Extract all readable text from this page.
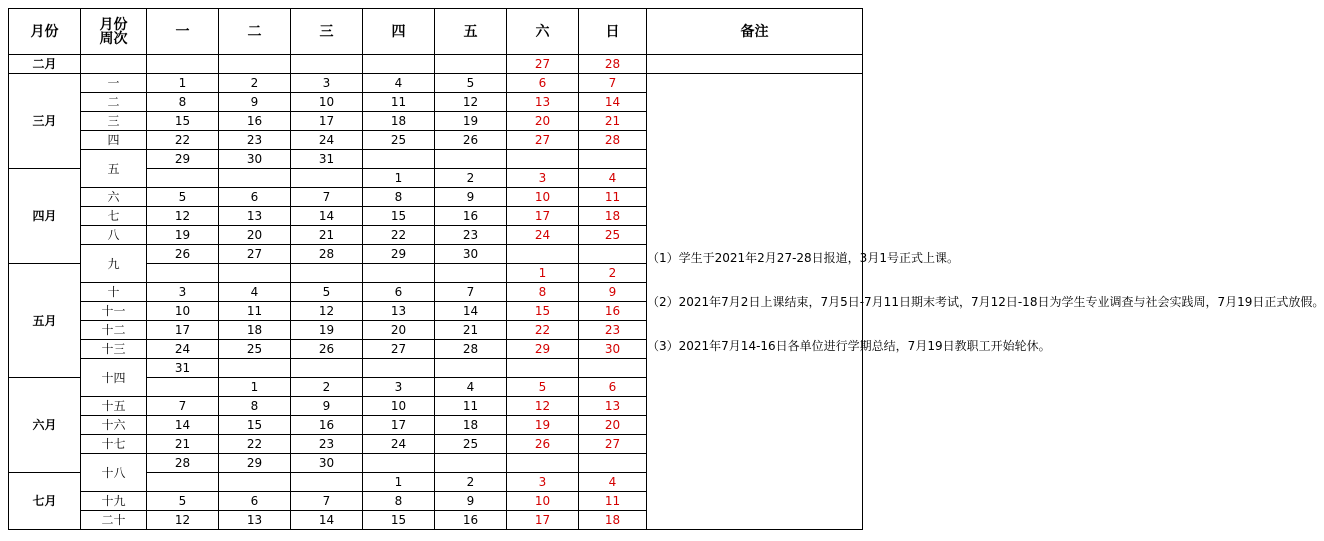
月份	月份
周次	一	二	三	四	五	六	日	备注
二月							27	28	
三月	一	1	2	3	4	5	6	7	（1）学生于2021年2月27-28日报道，3月1号正式上课。
（2）2021年7月2日上课结束，7月5日-7月11日期末考试，7月12日-18日为学生专业调查与社会实践周，7月19日正式放假。
（3）2021年7月14-16日各单位进行学期总结，7月19日教职工开始轮休。

	二	8	9	10	11	12	13	14	
	三	15	16	17	18	19	20	21	
	四	22	23	24	25	26	27	28	
	五	29	30	31					
四月					1	2	3	4	
	六	5	6	7	8	9	10	11	
	七	12	13	14	15	16	17	18	
	八	19	20	21	22	23	24	25	
	九	26	27	28	29	30			
五月							1	2	
	十	3	4	5	6	7	8	9	
	十一	10	11	12	13	14	15	16	
	十二	17	18	19	20	21	22	23	
	十三	24	25	26	27	28	29	30	
	十四	31							
六月			1	2	3	4	5	6	
	十五	7	8	9	10	11	12	13	
	十六	14	15	16	17	18	19	20	
	十七	21	22	23	24	25	26	27	
	十八	28	29	30					
七月					1	2	3	4	
	十九	5	6	7	8	9	10	11	
	二十	12	13	14	15	16	17	18	
